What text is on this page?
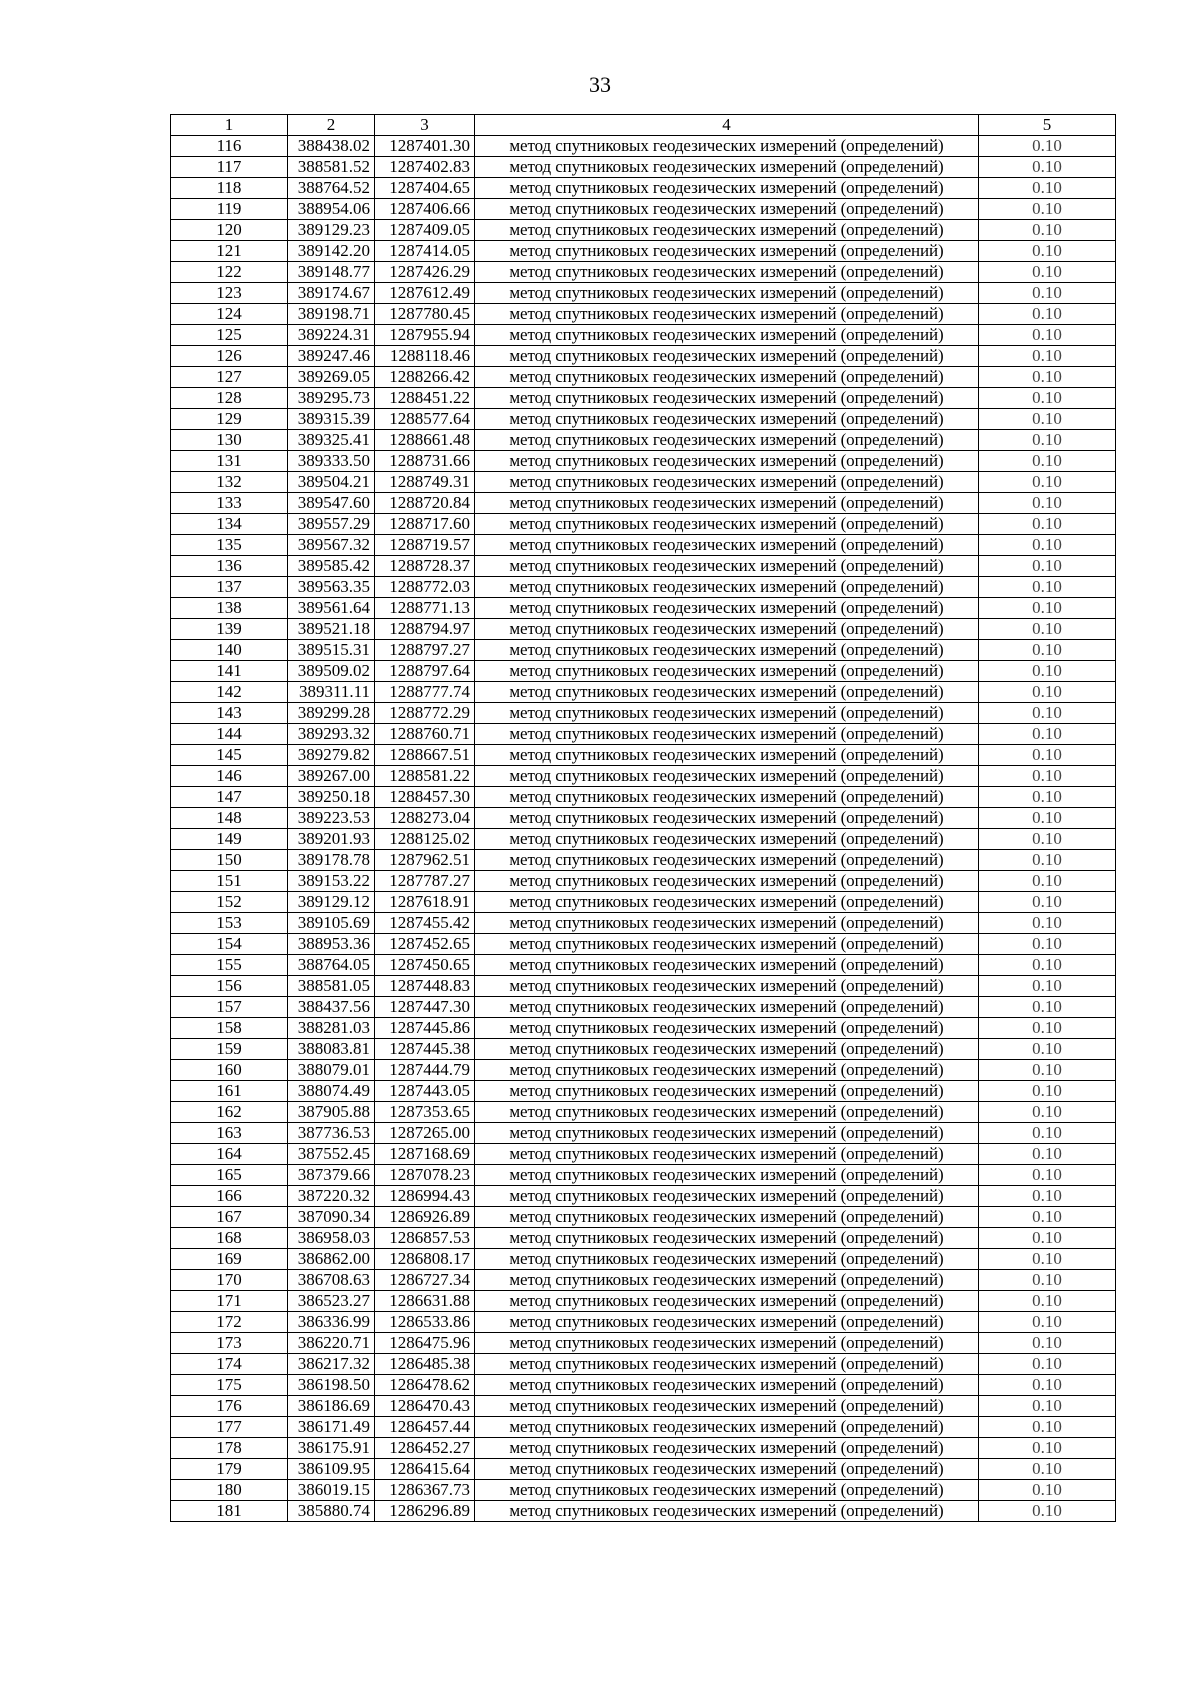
33
1	2	3	4	5
116	388438.02	1287401.30	метод спутниковых геодезических измерений (определений)	0.10
117	388581.52	1287402.83	метод спутниковых геодезических измерений (определений)	0.10
118	388764.52	1287404.65	метод спутниковых геодезических измерений (определений)	0.10
119	388954.06	1287406.66	метод спутниковых геодезических измерений (определений)	0.10
120	389129.23	1287409.05	метод спутниковых геодезических измерений (определений)	0.10
121	389142.20	1287414.05	метод спутниковых геодезических измерений (определений)	0.10
122	389148.77	1287426.29	метод спутниковых геодезических измерений (определений)	0.10
123	389174.67	1287612.49	метод спутниковых геодезических измерений (определений)	0.10
124	389198.71	1287780.45	метод спутниковых геодезических измерений (определений)	0.10
125	389224.31	1287955.94	метод спутниковых геодезических измерений (определений)	0.10
126	389247.46	1288118.46	метод спутниковых геодезических измерений (определений)	0.10
127	389269.05	1288266.42	метод спутниковых геодезических измерений (определений)	0.10
128	389295.73	1288451.22	метод спутниковых геодезических измерений (определений)	0.10
129	389315.39	1288577.64	метод спутниковых геодезических измерений (определений)	0.10
130	389325.41	1288661.48	метод спутниковых геодезических измерений (определений)	0.10
131	389333.50	1288731.66	метод спутниковых геодезических измерений (определений)	0.10
132	389504.21	1288749.31	метод спутниковых геодезических измерений (определений)	0.10
133	389547.60	1288720.84	метод спутниковых геодезических измерений (определений)	0.10
134	389557.29	1288717.60	метод спутниковых геодезических измерений (определений)	0.10
135	389567.32	1288719.57	метод спутниковых геодезических измерений (определений)	0.10
136	389585.42	1288728.37	метод спутниковых геодезических измерений (определений)	0.10
137	389563.35	1288772.03	метод спутниковых геодезических измерений (определений)	0.10
138	389561.64	1288771.13	метод спутниковых геодезических измерений (определений)	0.10
139	389521.18	1288794.97	метод спутниковых геодезических измерений (определений)	0.10
140	389515.31	1288797.27	метод спутниковых геодезических измерений (определений)	0.10
141	389509.02	1288797.64	метод спутниковых геодезических измерений (определений)	0.10
142	389311.11	1288777.74	метод спутниковых геодезических измерений (определений)	0.10
143	389299.28	1288772.29	метод спутниковых геодезических измерений (определений)	0.10
144	389293.32	1288760.71	метод спутниковых геодезических измерений (определений)	0.10
145	389279.82	1288667.51	метод спутниковых геодезических измерений (определений)	0.10
146	389267.00	1288581.22	метод спутниковых геодезических измерений (определений)	0.10
147	389250.18	1288457.30	метод спутниковых геодезических измерений (определений)	0.10
148	389223.53	1288273.04	метод спутниковых геодезических измерений (определений)	0.10
149	389201.93	1288125.02	метод спутниковых геодезических измерений (определений)	0.10
150	389178.78	1287962.51	метод спутниковых геодезических измерений (определений)	0.10
151	389153.22	1287787.27	метод спутниковых геодезических измерений (определений)	0.10
152	389129.12	1287618.91	метод спутниковых геодезических измерений (определений)	0.10
153	389105.69	1287455.42	метод спутниковых геодезических измерений (определений)	0.10
154	388953.36	1287452.65	метод спутниковых геодезических измерений (определений)	0.10
155	388764.05	1287450.65	метод спутниковых геодезических измерений (определений)	0.10
156	388581.05	1287448.83	метод спутниковых геодезических измерений (определений)	0.10
157	388437.56	1287447.30	метод спутниковых геодезических измерений (определений)	0.10
158	388281.03	1287445.86	метод спутниковых геодезических измерений (определений)	0.10
159	388083.81	1287445.38	метод спутниковых геодезических измерений (определений)	0.10
160	388079.01	1287444.79	метод спутниковых геодезических измерений (определений)	0.10
161	388074.49	1287443.05	метод спутниковых геодезических измерений (определений)	0.10
162	387905.88	1287353.65	метод спутниковых геодезических измерений (определений)	0.10
163	387736.53	1287265.00	метод спутниковых геодезических измерений (определений)	0.10
164	387552.45	1287168.69	метод спутниковых геодезических измерений (определений)	0.10
165	387379.66	1287078.23	метод спутниковых геодезических измерений (определений)	0.10
166	387220.32	1286994.43	метод спутниковых геодезических измерений (определений)	0.10
167	387090.34	1286926.89	метод спутниковых геодезических измерений (определений)	0.10
168	386958.03	1286857.53	метод спутниковых геодезических измерений (определений)	0.10
169	386862.00	1286808.17	метод спутниковых геодезических измерений (определений)	0.10
170	386708.63	1286727.34	метод спутниковых геодезических измерений (определений)	0.10
171	386523.27	1286631.88	метод спутниковых геодезических измерений (определений)	0.10
172	386336.99	1286533.86	метод спутниковых геодезических измерений (определений)	0.10
173	386220.71	1286475.96	метод спутниковых геодезических измерений (определений)	0.10
174	386217.32	1286485.38	метод спутниковых геодезических измерений (определений)	0.10
175	386198.50	1286478.62	метод спутниковых геодезических измерений (определений)	0.10
176	386186.69	1286470.43	метод спутниковых геодезических измерений (определений)	0.10
177	386171.49	1286457.44	метод спутниковых геодезических измерений (определений)	0.10
178	386175.91	1286452.27	метод спутниковых геодезических измерений (определений)	0.10
179	386109.95	1286415.64	метод спутниковых геодезических измерений (определений)	0.10
180	386019.15	1286367.73	метод спутниковых геодезических измерений (определений)	0.10
181	385880.74	1286296.89	метод спутниковых геодезических измерений (определений)	0.10
